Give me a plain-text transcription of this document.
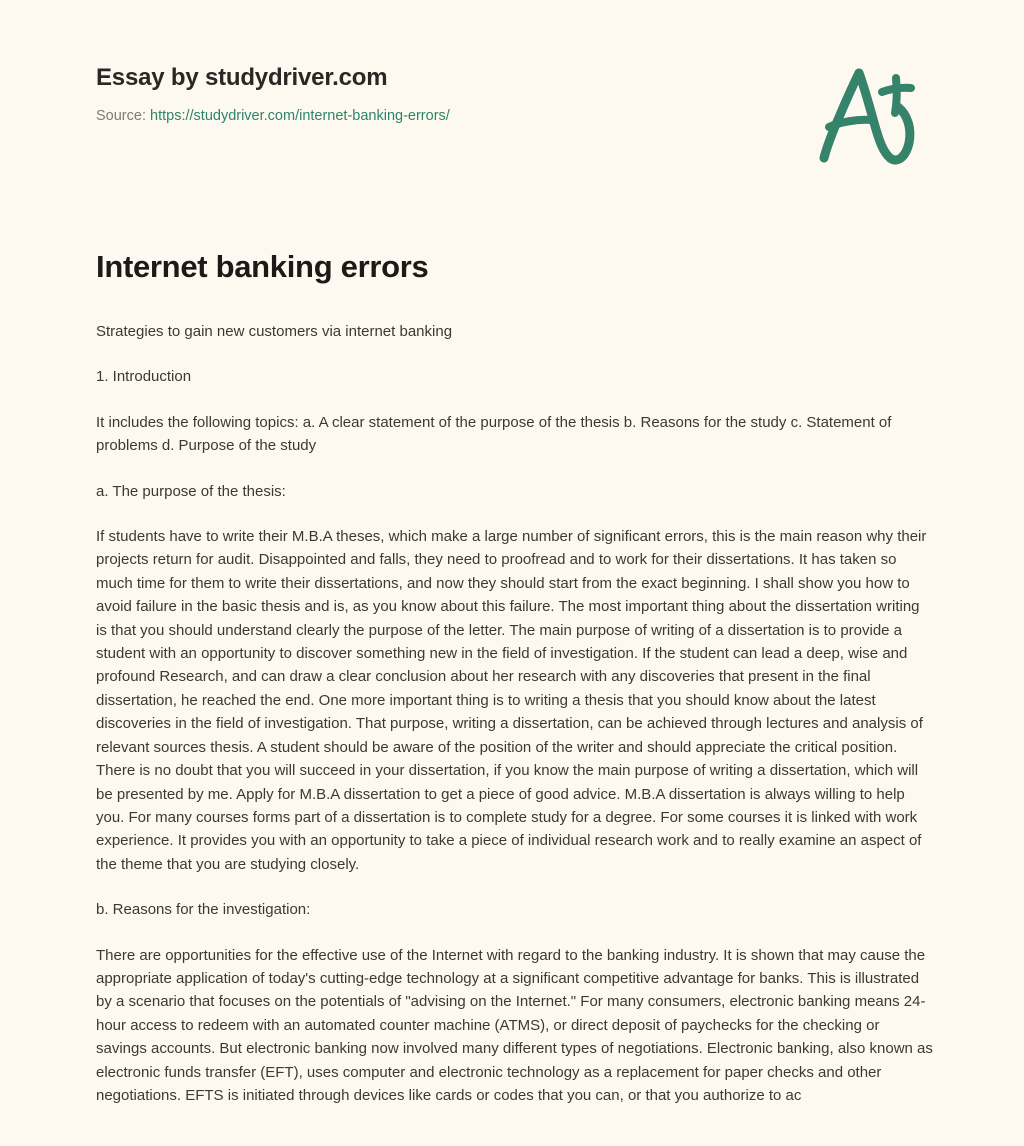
Essay by studydriver.com
Source: https://studydriver.com/internet-banking-errors/
Internet banking errors

Strategies to gain new customers via internet banking

1. Introduction

It includes the following topics: a. A clear statement of the purpose of the thesis b. Reasons for the study c. Statement of problems d. Purpose of the study

a. The purpose of the thesis:

If students have to write their M.B.A theses, which make a large number of significant errors, this is the main reason why their projects return for audit. Disappointed and falls, they need to proofread and to work for their dissertations. It has taken so much time for them to write their dissertations, and now they should start from the exact beginning. I shall show you how to avoid failure in the basic thesis and is, as you know about this failure. The most important thing about the dissertation writing is that you should understand clearly the purpose of the letter. The main purpose of writing of a dissertation is to provide a student with an opportunity to discover something new in the field of investigation. If the student can lead a deep, wise and profound Research, and can draw a clear conclusion about her research with any discoveries that present in the final dissertation, he reached the end. One more important thing is to writing a thesis that you should know about the latest discoveries in the field of investigation. That purpose, writing a dissertation, can be achieved through lectures and analysis of relevant sources thesis. A student should be aware of the position of the writer and should appreciate the critical position. There is no doubt that you will succeed in your dissertation, if you know the main purpose of writing a dissertation, which will be presented by me. Apply for M.B.A dissertation to get a piece of good advice. M.B.A dissertation is always willing to help you. For many courses forms part of a dissertation is to complete study for a degree. For some courses it is linked with work experience. It provides you with an opportunity to take a piece of individual research work and to really examine an aspect of the theme that you are studying closely.

b. Reasons for the investigation:

There are opportunities for the effective use of the Internet with regard to the banking industry. It is shown that may cause the appropriate application of today's cutting-edge technology at a significant competitive advantage for banks. This is illustrated by a scenario that focuses on the potentials of "advising on the Internet." For many consumers, electronic banking means 24-hour access to redeem with an automated counter machine (ATMS), or direct deposit of paychecks for the checking or savings accounts. But electronic banking now involved many different types of negotiations. Electronic banking, also known as electronic funds transfer (EFT), uses computer and electronic technology as a replacement for paper checks and other negotiations. EFTS is initiated through devices like cards or codes that you can, or that you authorize to ac
